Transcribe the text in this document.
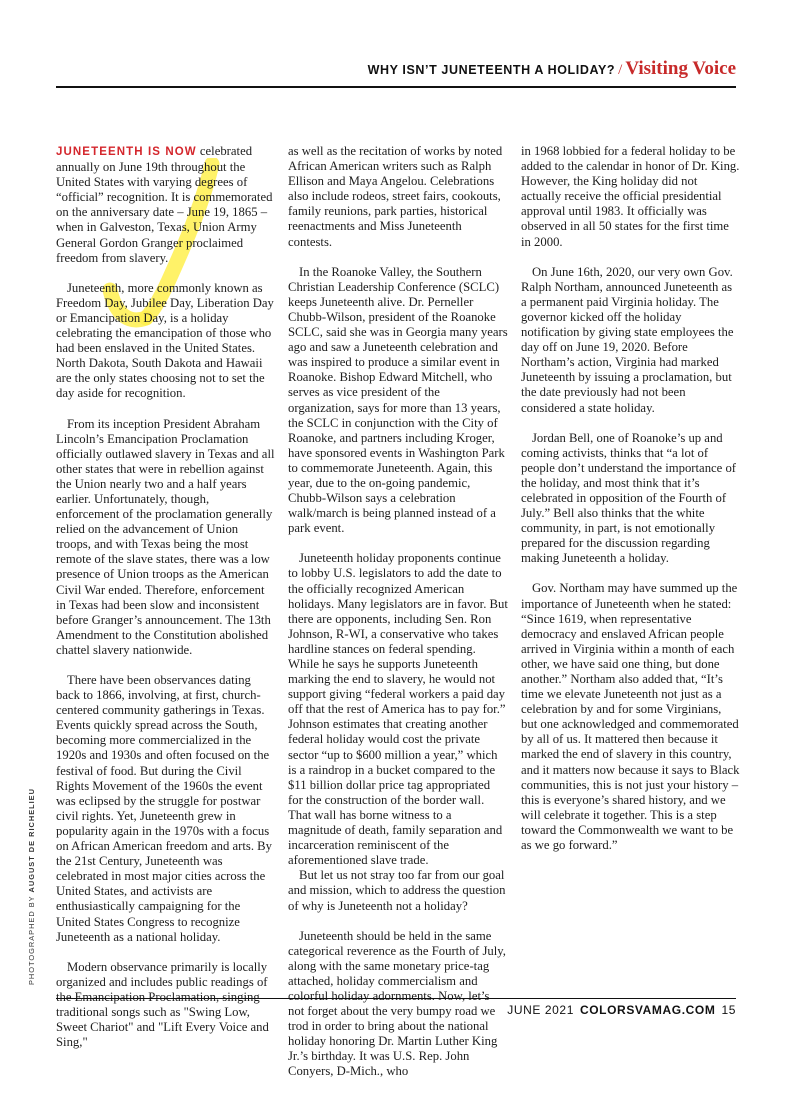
WHY ISN’T JUNETEENTH A HOLIDAY? / Visiting Voice

JUNETEENTH IS NOW celebrated annually on June 19th throughout the United States with varying degrees of “official” recognition. It is commemorated on the anniversary date – June 19, 1865 – when in Galveston, Texas, Union Army General Gordon Granger proclaimed freedom from slavery.

Juneteenth, more commonly known as Freedom Day, Jubilee Day, Liberation Day or Emancipation Day, is a holiday celebrating the emancipation of those who had been enslaved in the United States. North Dakota, South Dakota and Hawaii are the only states choosing not to set the day aside for recognition.

From its inception President Abraham Lincoln’s Emancipation Proclamation officially outlawed slavery in Texas and all other states that were in rebellion against the Union nearly two and a half years earlier. Unfortunately, though, enforcement of the proclamation generally relied on the advancement of Union troops, and with Texas being the most remote of the slave states, there was a low presence of Union troops as the American Civil War ended. Therefore, enforcement in Texas had been slow and inconsistent before Granger’s announcement. The 13th Amendment to the Constitution abolished chattel slavery nationwide.

There have been observances dating back to 1866, involving, at first, church-centered community gatherings in Texas. Events quickly spread across the South, becoming more commercialized in the 1920s and 1930s and often focused on the festival of food. But during the Civil Rights Movement of the 1960s the event was eclipsed by the struggle for postwar civil rights. Yet, Juneteenth grew in popularity again in the 1970s with a focus on African American freedom and arts. By the 21st Century, Juneteenth was celebrated in most major cities across the United States, and activists are enthusiastically campaigning for the United States Congress to recognize Juneteenth as a national holiday.

Modern observance primarily is locally organized and includes public readings of the Emancipation Proclamation, singing traditional songs such as "Swing Low, Sweet Chariot" and "Lift Every Voice and Sing,"

as well as the recitation of works by noted African American writers such as Ralph Ellison and Maya Angelou. Celebrations also include rodeos, street fairs, cookouts, family reunions, park parties, historical reenactments and Miss Juneteenth contests.

In the Roanoke Valley, the Southern Christian Leadership Conference (SCLC) keeps Juneteenth alive. Dr. Perneller Chubb-Wilson, president of the Roanoke SCLC, said she was in Georgia many years ago and saw a Juneteenth celebration and was inspired to produce a similar event in Roanoke. Bishop Edward Mitchell, who serves as vice president of the organization, says for more than 13 years, the SCLC in conjunction with the City of Roanoke, and partners including Kroger, have sponsored events in Washington Park to commemorate Juneteenth. Again, this year, due to the on-going pandemic, Chubb-Wilson says a celebration walk/march is being planned instead of a park event.

Juneteenth holiday proponents continue to lobby U.S. legislators to add the date to the officially recognized American holidays. Many legislators are in favor. But there are opponents, including Sen. Ron Johnson, R-WI, a conservative who takes hardline stances on federal spending. While he says he supports Juneteenth marking the end to slavery, he would not support giving “federal workers a paid day off that the rest of America has to pay for.” Johnson estimates that creating another federal holiday would cost the private sector “up to $600 million a year,” which is a raindrop in a bucket compared to the $11 billion dollar price tag appropriated for the construction of the border wall. That wall has borne witness to a magnitude of death, family separation and incarceration reminiscent of the aforementioned slave trade.

But let us not stray too far from our goal and mission, which to address the question of why is Juneteenth not a holiday?

Juneteenth should be held in the same categorical reverence as the Fourth of July, along with the same monetary price-tag attached, holiday commercialism and colorful holiday adornments. Now, let’s not forget about the very bumpy road we trod in order to bring about the national holiday honoring Dr. Martin Luther King Jr.’s birthday. It was U.S. Rep. John Conyers, D-Mich., who

in 1968 lobbied for a federal holiday to be added to the calendar in honor of Dr. King. However, the King holiday did not actually receive the official presidential approval until 1983. It officially was observed in all 50 states for the first time in 2000.

On June 16th, 2020, our very own Gov. Ralph Northam, announced Juneteenth as a permanent paid Virginia holiday. The governor kicked off the holiday notification by giving state employees the day off on June 19, 2020. Before Northam’s action, Virginia had marked Juneteenth by issuing a proclamation, but the date previously had not been considered a state holiday.

Jordan Bell, one of Roanoke’s up and coming activists, thinks that “a lot of people don’t understand the importance of the holiday, and most think that it’s celebrated in opposition of the Fourth of July.” Bell also thinks that the white community, in part, is not emotionally prepared for the discussion regarding making Juneteenth a holiday.

Gov. Northam may have summed up the importance of Juneteenth when he stated: “Since 1619, when representative democracy and enslaved African people arrived in Virginia within a month of each other, we have said one thing, but done another.” Northam also added that, “It’s time we elevate Juneteenth not just as a celebration by and for some Virginians, but one acknowledged and commemorated by all of us. It mattered then because it marked the end of slavery in this country, and it matters now because it says to Black communities, this is not just your history – this is everyone’s shared history, and we will celebrate it together. This is a step toward the Commonwealth we want to be as we go forward.”

PHOTOGRAPHED BY AUGUST DE RICHELIEU
JUNE 2021 COLORSVAMAG.COM 15
